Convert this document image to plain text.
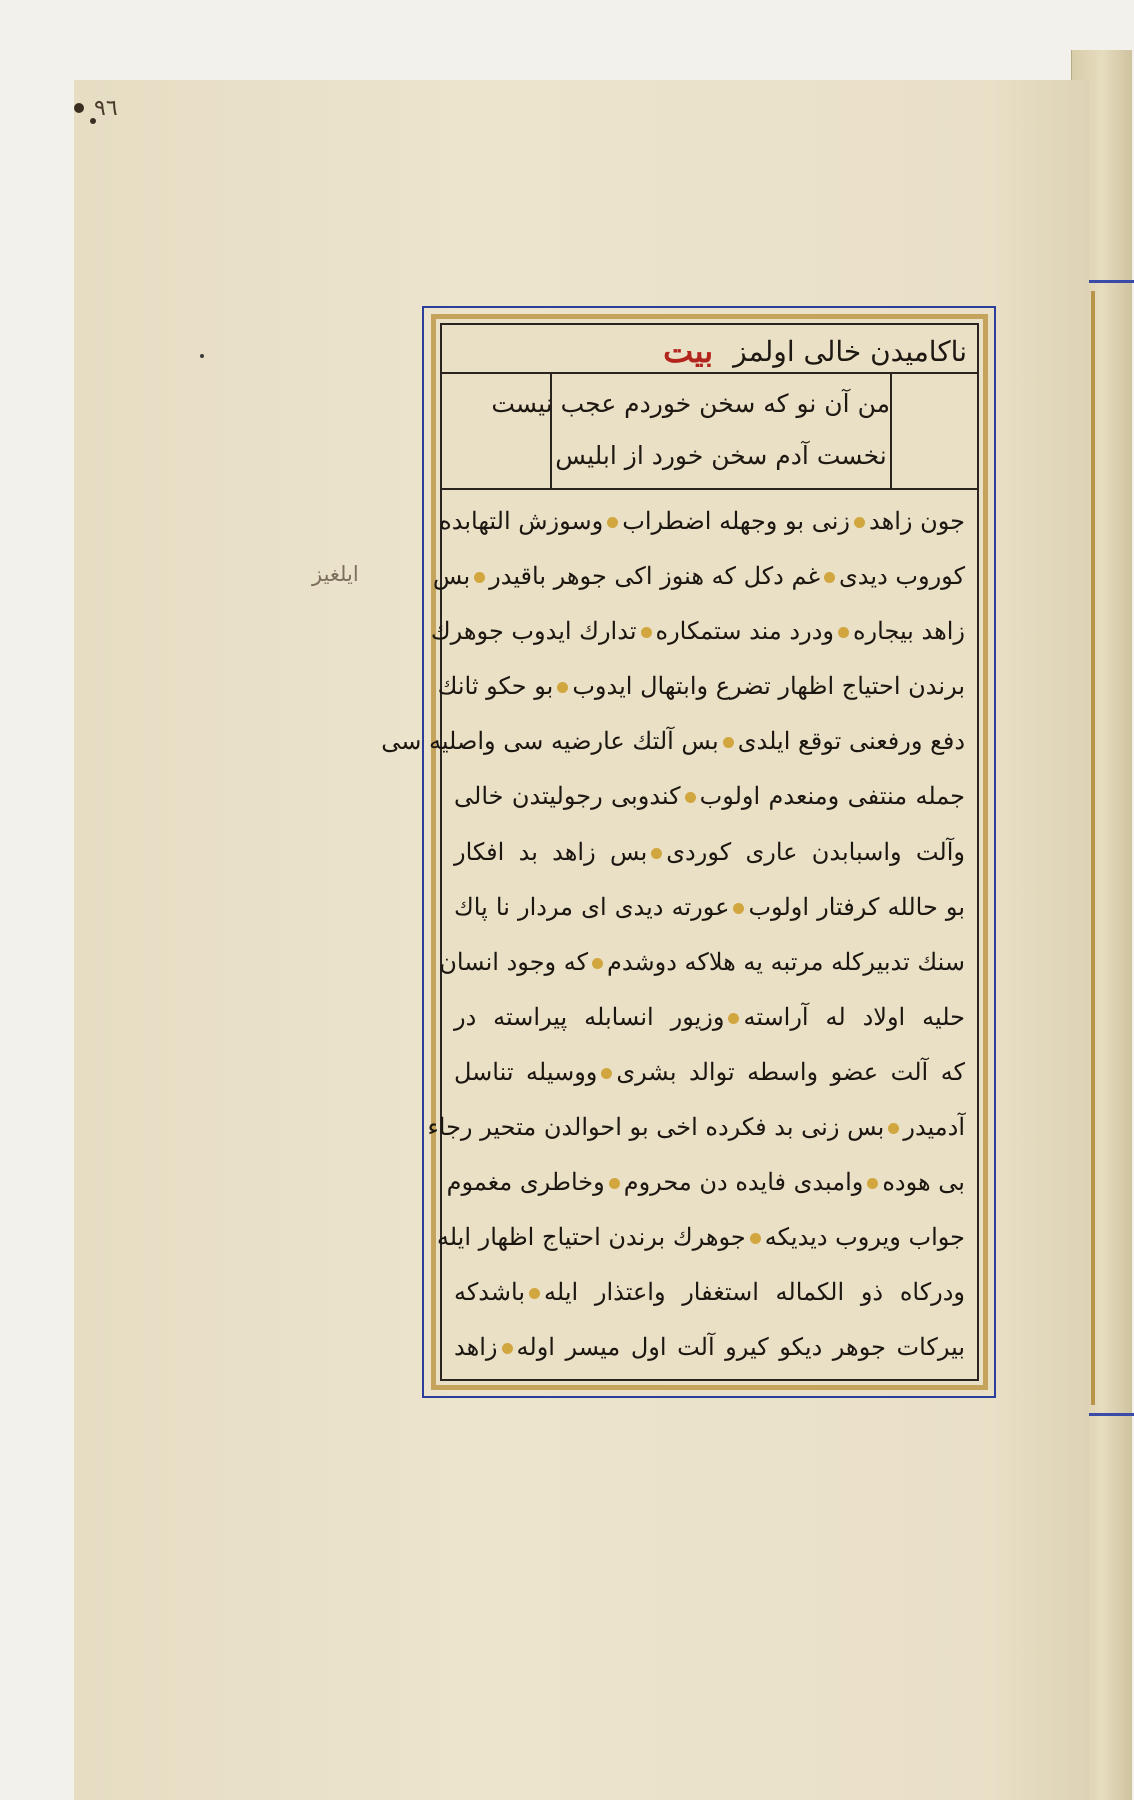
٩٦
ايلغيز
ناكاميدن خالى اولمز
بيت
من آن نو كه سخن خوردم عجب نيست
نخست آدم سخن خورد از ابليس
جون زاهدزنى بو وجهله اضطرابوسوزش التهابده
كوروب ديدىغم دكل كه هنوز اكى جوهر باقيدربس
زاهد بيجارهودرد مند ستمكارهتدارك ايدوب جوهرك
برندن احتياج اظهار تضرع وابتهال ايدوببو حكو ثانك
دفع ورفعنى توقع ايلدىبس آلتك عارضيه سى واصليه سى
جمله منتفى ومنعدم اولوبكندوبى رجوليتدن خالى
وآلت واسبابدن عارى كوردىبس زاهد بد افكار
بو حالله كرفتار اولوبعورته ديدى اى مردار نا پاك
سنك تدبيركله مرتبه يه هلاكه دوشدمكه وجود انسان
حليه اولاد له آراستهوزيور انسابله پيراسته در
كه آلت عضو واسطه توالد بشرىووسيله تناسل
آدميدربس زنى بد فكرده اخى بو احوالدن متحير رجاء
بى هودهوامبدى فايده دن محروموخاطرى مغموم
جواب ويروب ديديكهجوهرك برندن احتياج اظهار ايله
ودركاه ذو الكماله استغفار واعتذار ايلهباشدكه
بيركات جوهر ديكو كيرو آلت اول ميسر اولهزاهد
